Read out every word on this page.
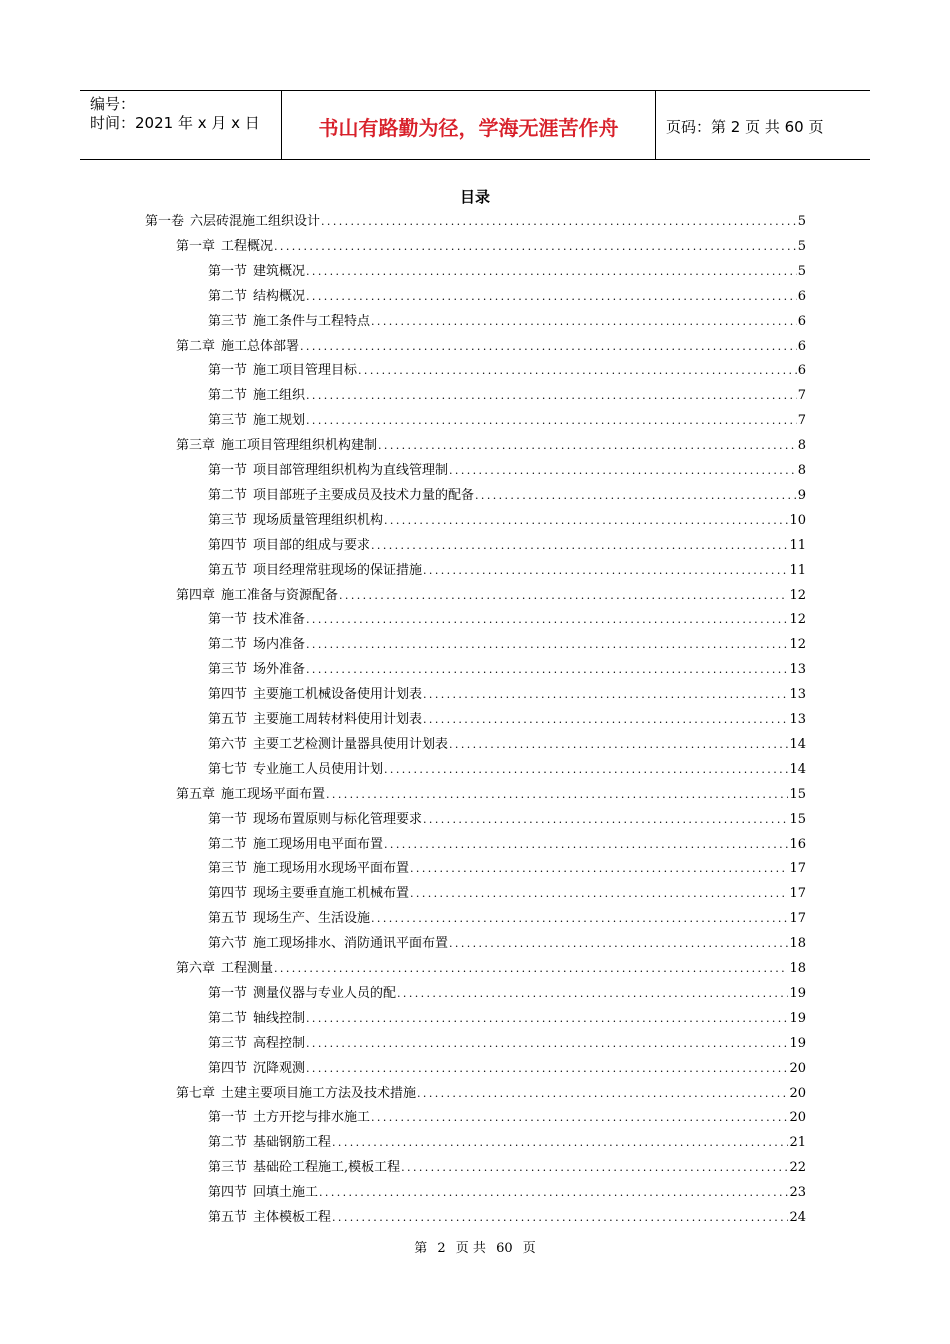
编号：
时间：2021 年 x 月 x 日	书山有路勤为径，学海无涯苦作舟	页码：第 2 页 共 60 页
目录
第一卷 六层砖混施工组织设计 .....	5
第一章 工程概况 .....	5
第一节 建筑概况 .....	5
第二节 结构概况 .....	6
第三节 施工条件与工程特点 .....	6
第二章 施工总体部署 .....	6
第一节 施工项目管理目标 .....	6
第二节 施工组织 .....	7
第三节 施工规划 .....	7
第三章 施工项目管理组织机构建制 .....	8
第一节 项目部管理组织机构为直线管理制 .....	8
第二节 项目部班子主要成员及技术力量的配备 .....	9
第三节 现场质量管理组织机构 .....	10
第四节 项目部的组成与要求 .....	11
第五节 项目经理常驻现场的保证措施 .....	11
第四章 施工准备与资源配备 .....	12
第一节 技术准备 .....	12
第二节 场内准备 .....	12
第三节 场外准备 .....	13
第四节 主要施工机械设备使用计划表 .....	13
第五节 主要施工周转材料使用计划表 .....	13
第六节 主要工艺检测计量器具使用计划表 .....	14
第七节 专业施工人员使用计划 .....	14
第五章 施工现场平面布置 .....	15
第一节 现场布置原则与标化管理要求 .....	15
第二节 施工现场用电平面布置 .....	16
第三节 施工现场用水现场平面布置 .....	17
第四节 现场主要垂直施工机械布置 .....	17
第五节 现场生产、生活设施 .....	17
第六节 施工现场排水、消防通讯平面布置 .....	18
第六章 工程测量 .....	18
第一节 测量仪器与专业人员的配 .....	19
第二节 轴线控制 .....	19
第三节 高程控制 .....	19
第四节 沉降观测 .....	20
第七章 土建主要项目施工方法及技术措施 .....	20
第一节 土方开挖与排水施工 .....	20
第二节 基础钢筋工程 .....	21
第三节 基础砼工程施工,模板工程 .....	22
第四节 回填土施工 .....	23
第五节 主体模板工程 .....	24
第 2 页 共 60 页
